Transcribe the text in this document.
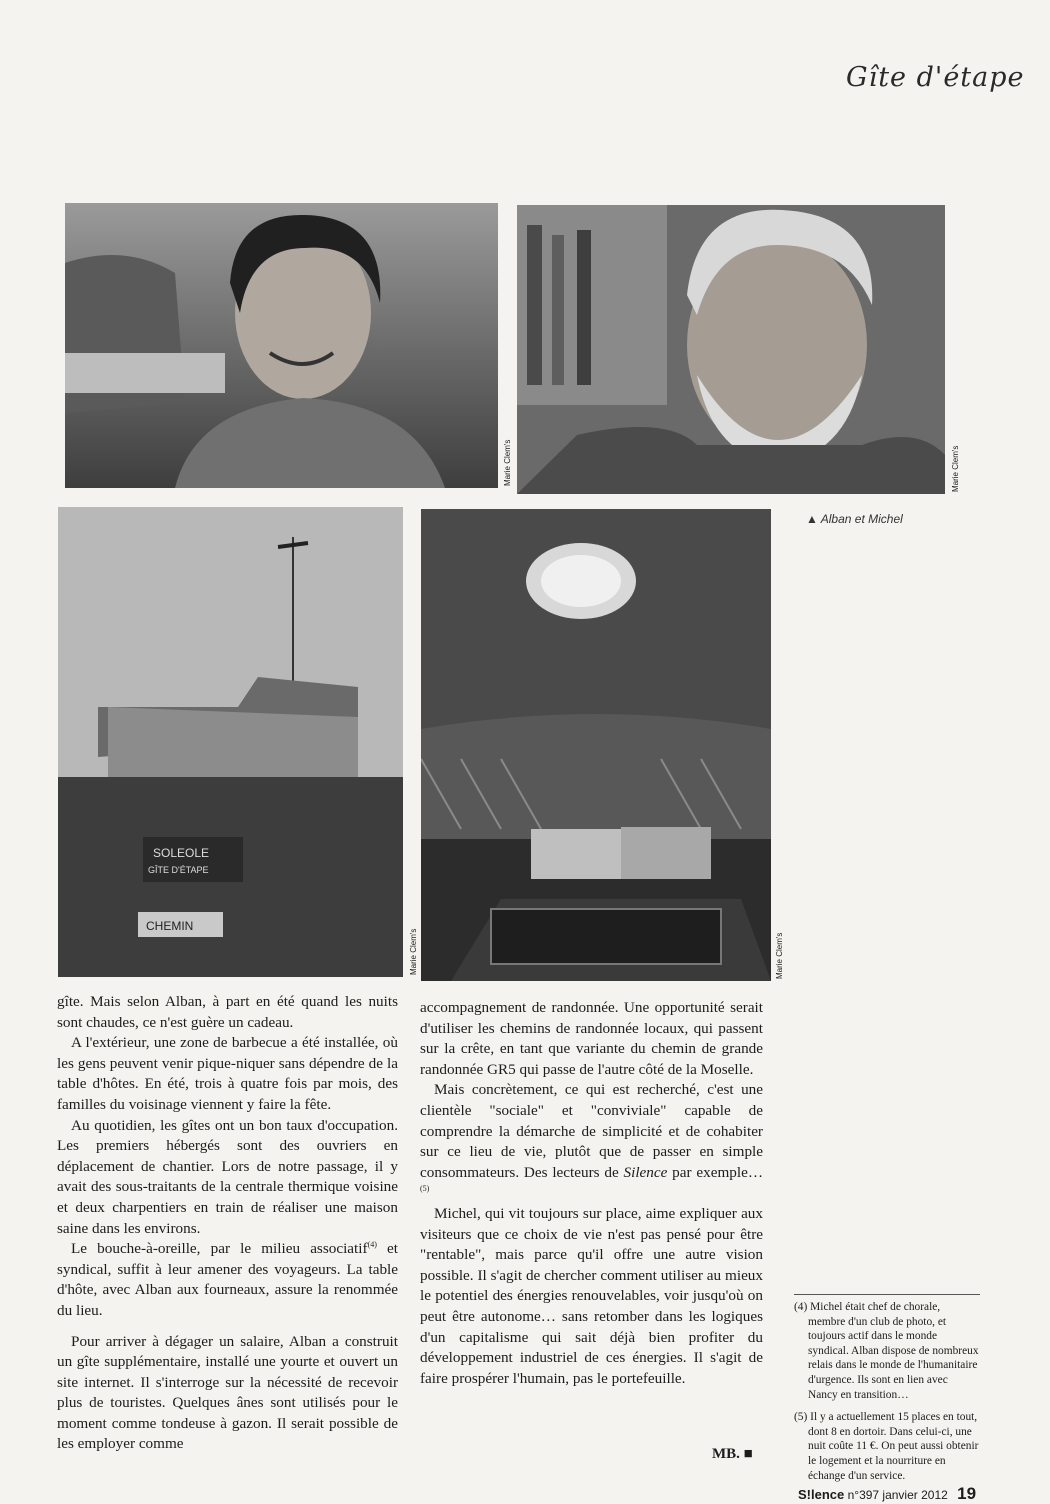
Gîte d'étape
Marie Clem's	Marie Clem's
▲ Alban et Michel
SOLEOLE
GÎTE D'ÉTAPE
CHEMIN
Marie Clem's	Marie Clem's

gîte. Mais selon Alban, à part en été quand les nuits sont chaudes, ce n'est guère un cadeau.

A l'extérieur, une zone de barbecue a été installée, où les gens peuvent venir pique-niquer sans dépendre de la table d'hôtes. En été, trois à quatre fois par mois, des familles du voisinage viennent y faire la fête.

Au quotidien, les gîtes ont un bon taux d'occupation. Les premiers hébergés sont des ouvriers en déplacement de chantier. Lors de notre passage, il y avait des sous-traitants de la centrale thermique voisine et deux charpentiers en train de réaliser une maison saine dans les environs.

Le bouche-à-oreille, par le milieu associatif$^{(4)}$ et syndical, suffit à leur amener des voyageurs. La table d'hôte, avec Alban aux fourneaux, assure la renommée du lieu.

Pour arriver à dégager un salaire, Alban a construit un gîte supplémentaire, installé une yourte et ouvert un site internet. Il s'interroge sur la nécessité de recevoir plus de touristes. Quelques ânes sont utilisés pour le moment comme tondeuse à gazon. Il serait possible de les employer comme

accompagnement de randonnée. Une opportunité serait d'utiliser les chemins de randonnée locaux, qui passent sur la crête, en tant que variante du chemin de grande randonnée GR5 qui passe de l'autre côté de la Moselle.

Mais concrètement, ce qui est recherché, c'est une clientèle "sociale" et "conviviale" capable de comprendre la démarche de simplicité et de cohabiter sur ce lieu de vie, plutôt que de passer en simple consommateurs. Des lecteurs de Silence par exemple…$^{(5)}$

Michel, qui vit toujours sur place, aime expliquer aux visiteurs que ce choix de vie n'est pas pensé pour être "rentable", mais parce qu'il offre une autre vision possible. Il s'agit de chercher comment utiliser au mieux le potentiel des énergies renouvelables, voir jusqu'où on peut être autonome… sans retomber dans les logiques d'un capitalisme qui sait déjà bien profiter du développement industriel de ces énergies. Il s'agit de faire prospérer l'humain, pas le portefeuille.

MB. ■

(4) Michel était chef de chorale, membre d'un club de photo, et toujours actif dans le monde syndical. Alban dispose de nombreux relais dans le monde de l'humanitaire d'urgence. Ils sont en lien avec Nancy en transition…

(5) Il y a actuellement 15 places en tout, dont 8 en dortoir. Dans celui-ci, une nuit coûte 11 €. On peut aussi obtenir le logement et la nourriture en échange d'un service.

S!lence n°397 janvier 2012 19
